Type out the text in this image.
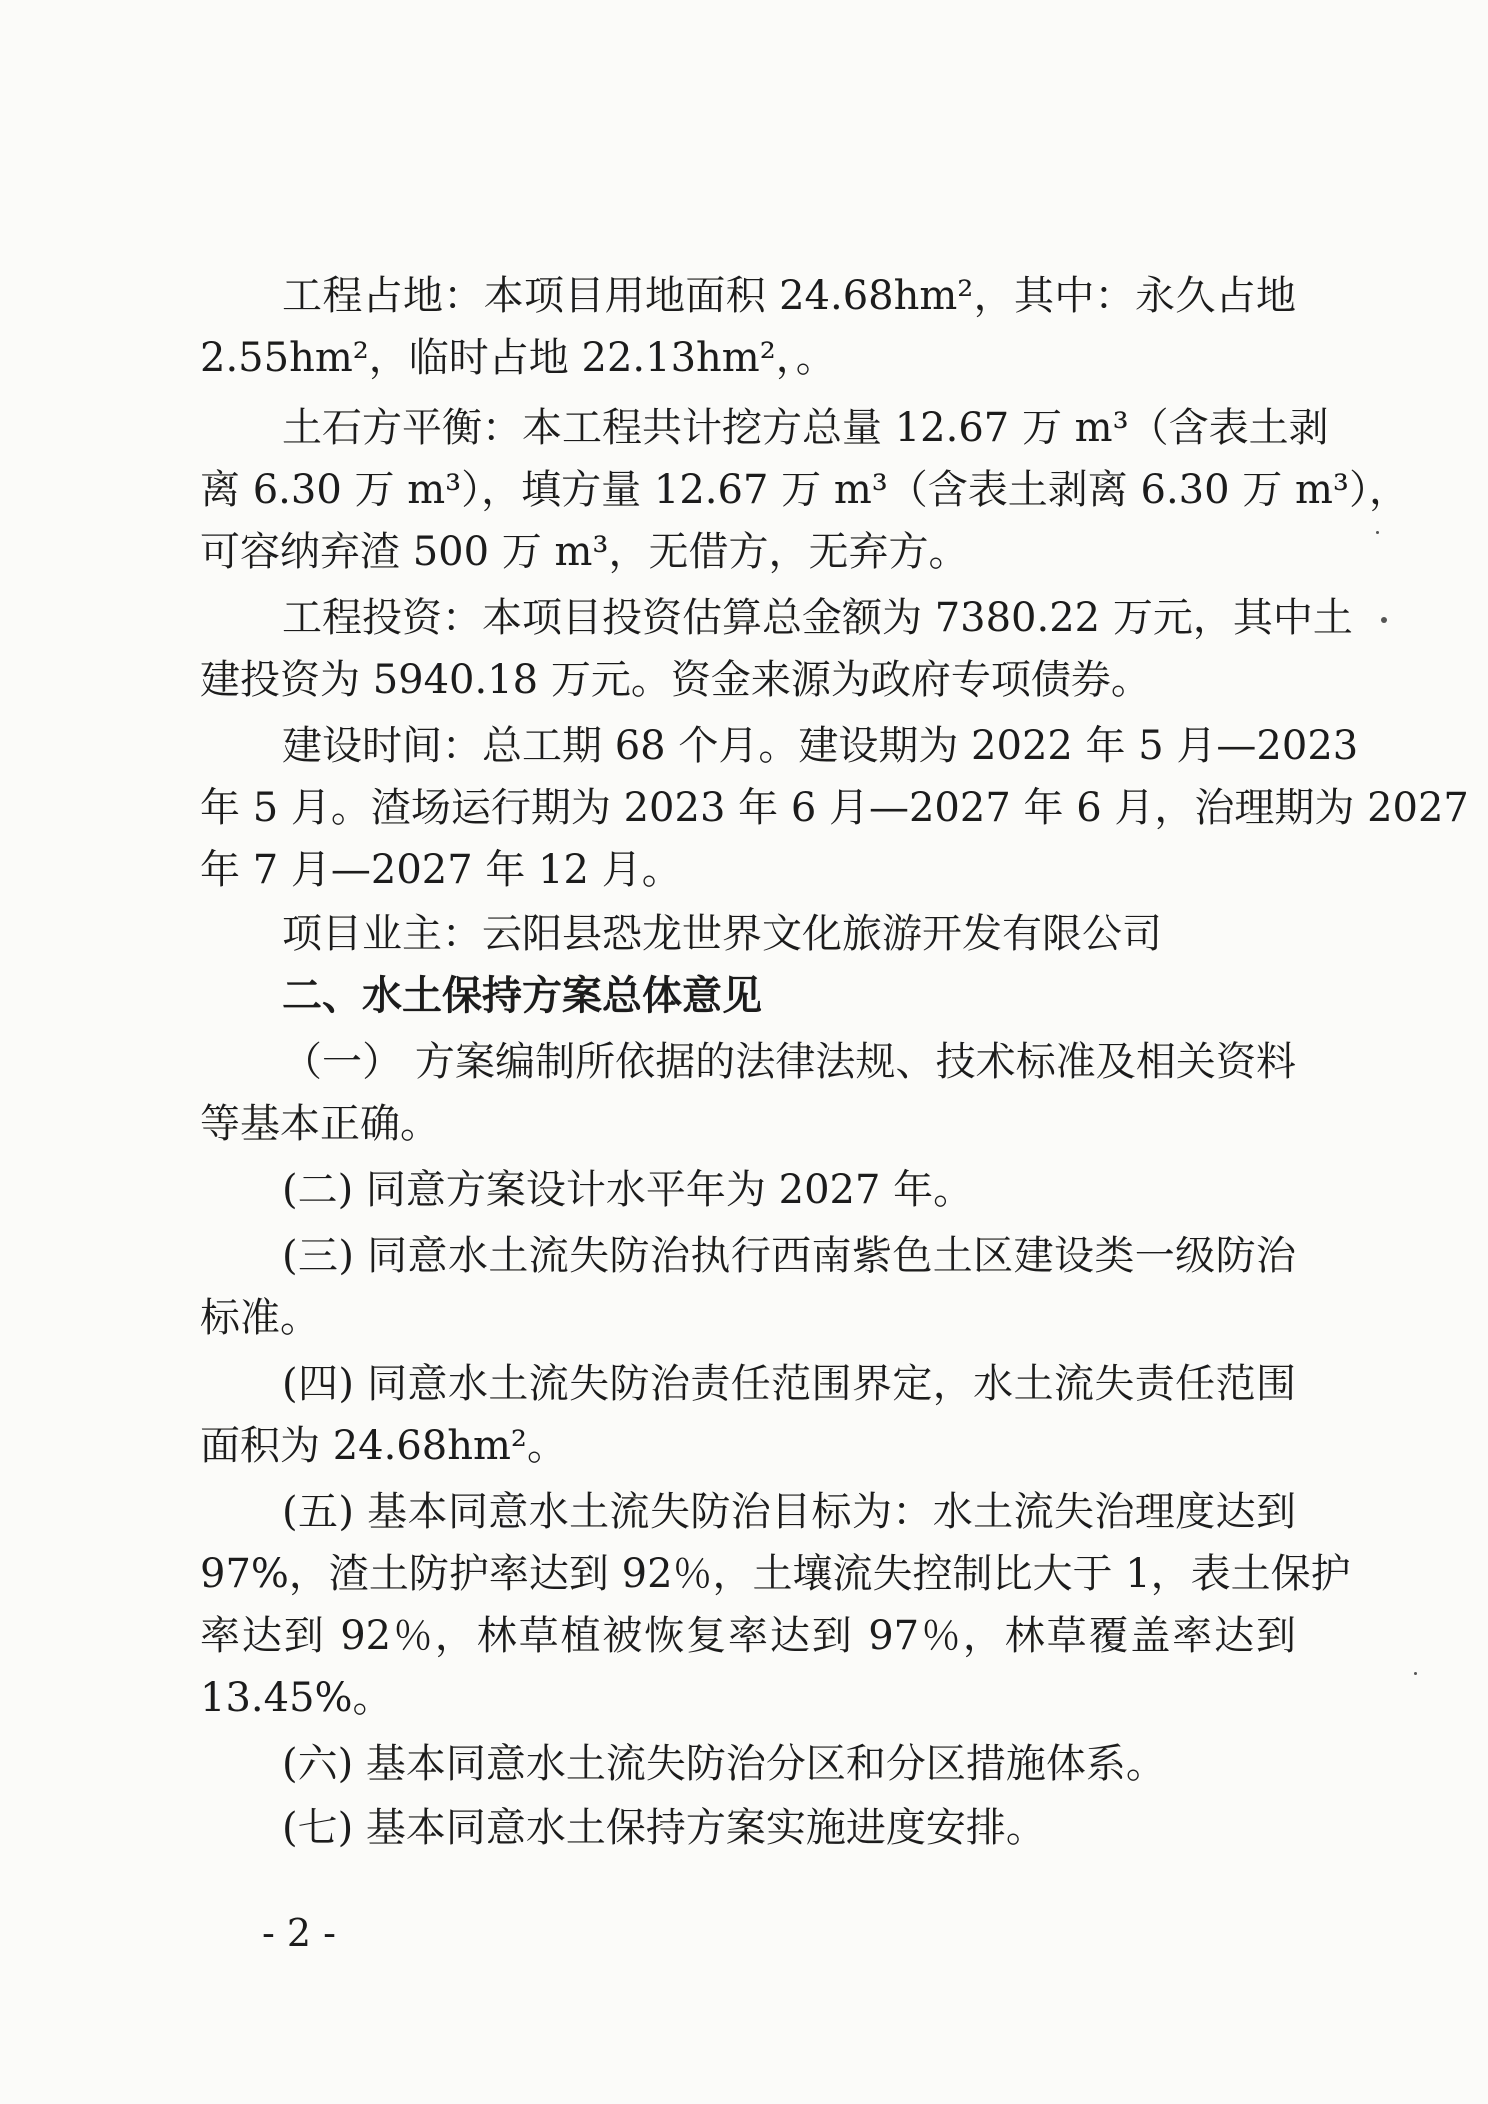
工程占地：本项目用地面积 24.68hm²，其中：永久占地
2.55hm²，临时占地 22.13hm²，。
土石方平衡：本工程共计挖方总量 12.67 万 m³（含表土剥
离 6.30 万 m³），填方量 12.67 万 m³（含表土剥离 6.30 万 m³），
可容纳弃渣 500 万 m³，无借方，无弃方。
工程投资：本项目投资估算总金额为 7380.22 万元，其中土
建投资为 5940.18 万元。资金来源为政府专项债券。
建设时间：总工期 68 个月。建设期为 2022 年 5 月—2023
年 5 月。渣场运行期为 2023 年 6 月—2027 年 6 月，治理期为 2027
年 7 月—2027 年 12 月。
项目业主：云阳县恐龙世界文化旅游开发有限公司
二、水土保持方案总体意见
（一） 方案编制所依据的法律法规、技术标准及相关资料
等基本正确。
(二) 同意方案设计水平年为 2027 年。
(三) 同意水土流失防治执行西南紫色土区建设类一级防治
标准。
(四) 同意水土流失防治责任范围界定，水土流失责任范围
面积为 24.68hm²。
(五) 基本同意水土流失防治目标为：水土流失治理度达到
97%，渣土防护率达到 92％，土壤流失控制比大于 1，表土保护
率达到 92％，林草植被恢复率达到 97％，林草覆盖率达到
13.45%。
(六) 基本同意水土流失防治分区和分区措施体系。
(七) 基本同意水土保持方案实施进度安排。
- 2 -
